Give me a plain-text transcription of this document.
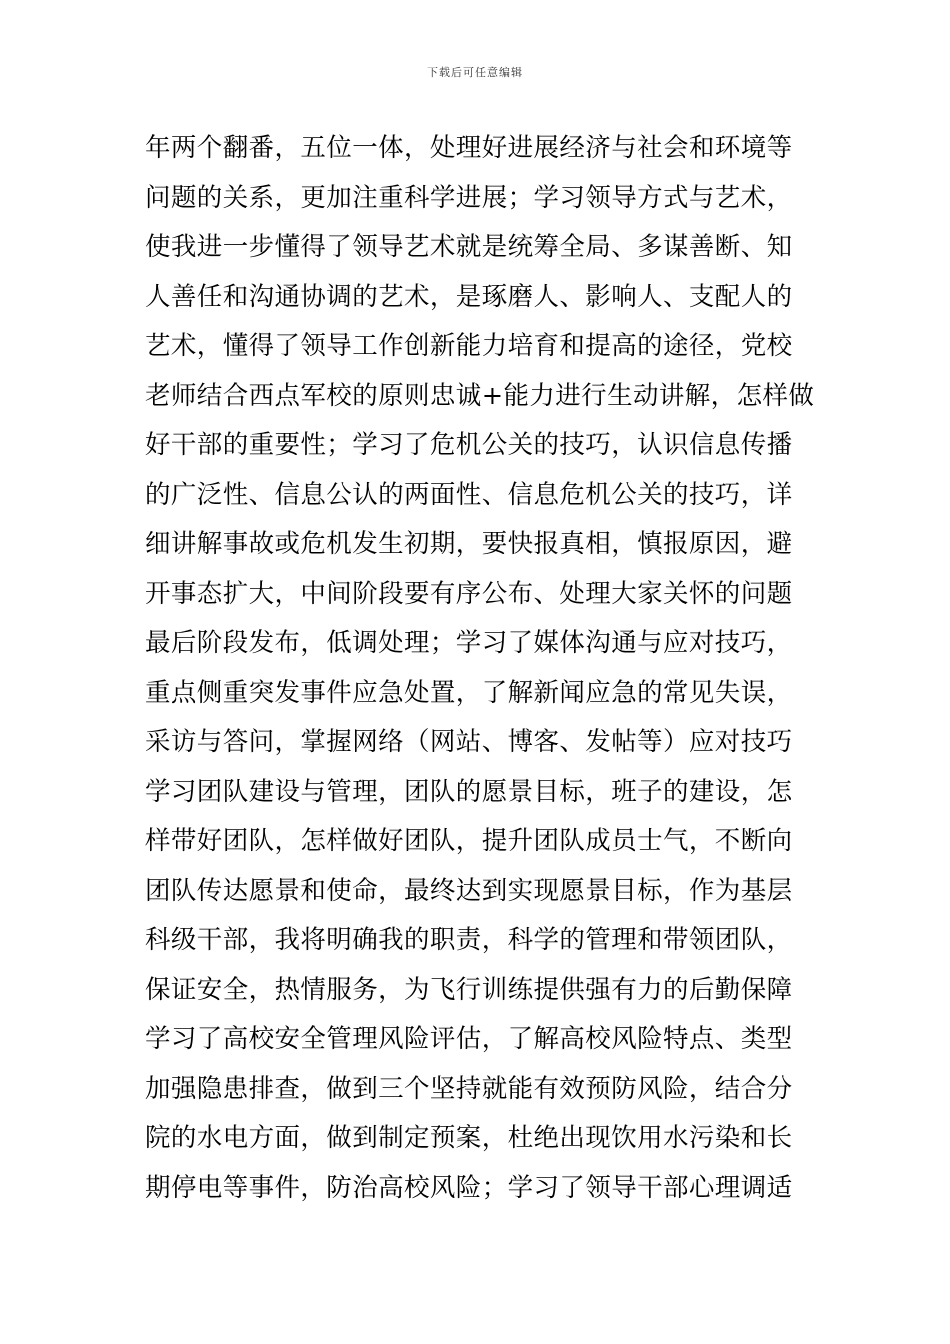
下载后可任意编辑
年两个翻番，五位一体，处理好进展经济与社会和环境等
问题的关系，更加注重科学进展；学习领导方式与艺术，
使我进一步懂得了领导艺术就是统筹全局、多谋善断、知
人善任和沟通协调的艺术，是琢磨人、影响人、支配人的
艺术，懂得了领导工作创新能力培育和提高的途径，党校
老师结合西点军校的原则忠诚+能力进行生动讲解，怎样做
好干部的重要性；学习了危机公关的技巧，认识信息传播
的广泛性、信息公认的两面性、信息危机公关的技巧，详
细讲解事故或危机发生初期，要快报真相，慎报原因，避
开事态扩大，中间阶段要有序公布、处理大家关怀的问题
最后阶段发布，低调处理；学习了媒体沟通与应对技巧，
重点侧重突发事件应急处置，了解新闻应急的常见失误，
采访与答问，掌握网络（网站、博客、发帖等）应对技巧
学习团队建设与管理，团队的愿景目标，班子的建设，怎
样带好团队，怎样做好团队，提升团队成员士气，不断向
团队传达愿景和使命，最终达到实现愿景目标，作为基层
科级干部，我将明确我的职责，科学的管理和带领团队，
保证安全，热情服务，为飞行训练提供强有力的后勤保障
学习了高校安全管理风险评估，了解高校风险特点、类型
加强隐患排查，做到三个坚持就能有效预防风险，结合分
院的水电方面，做到制定预案，杜绝出现饮用水污染和长
期停电等事件，防治高校风险；学习了领导干部心理调适
